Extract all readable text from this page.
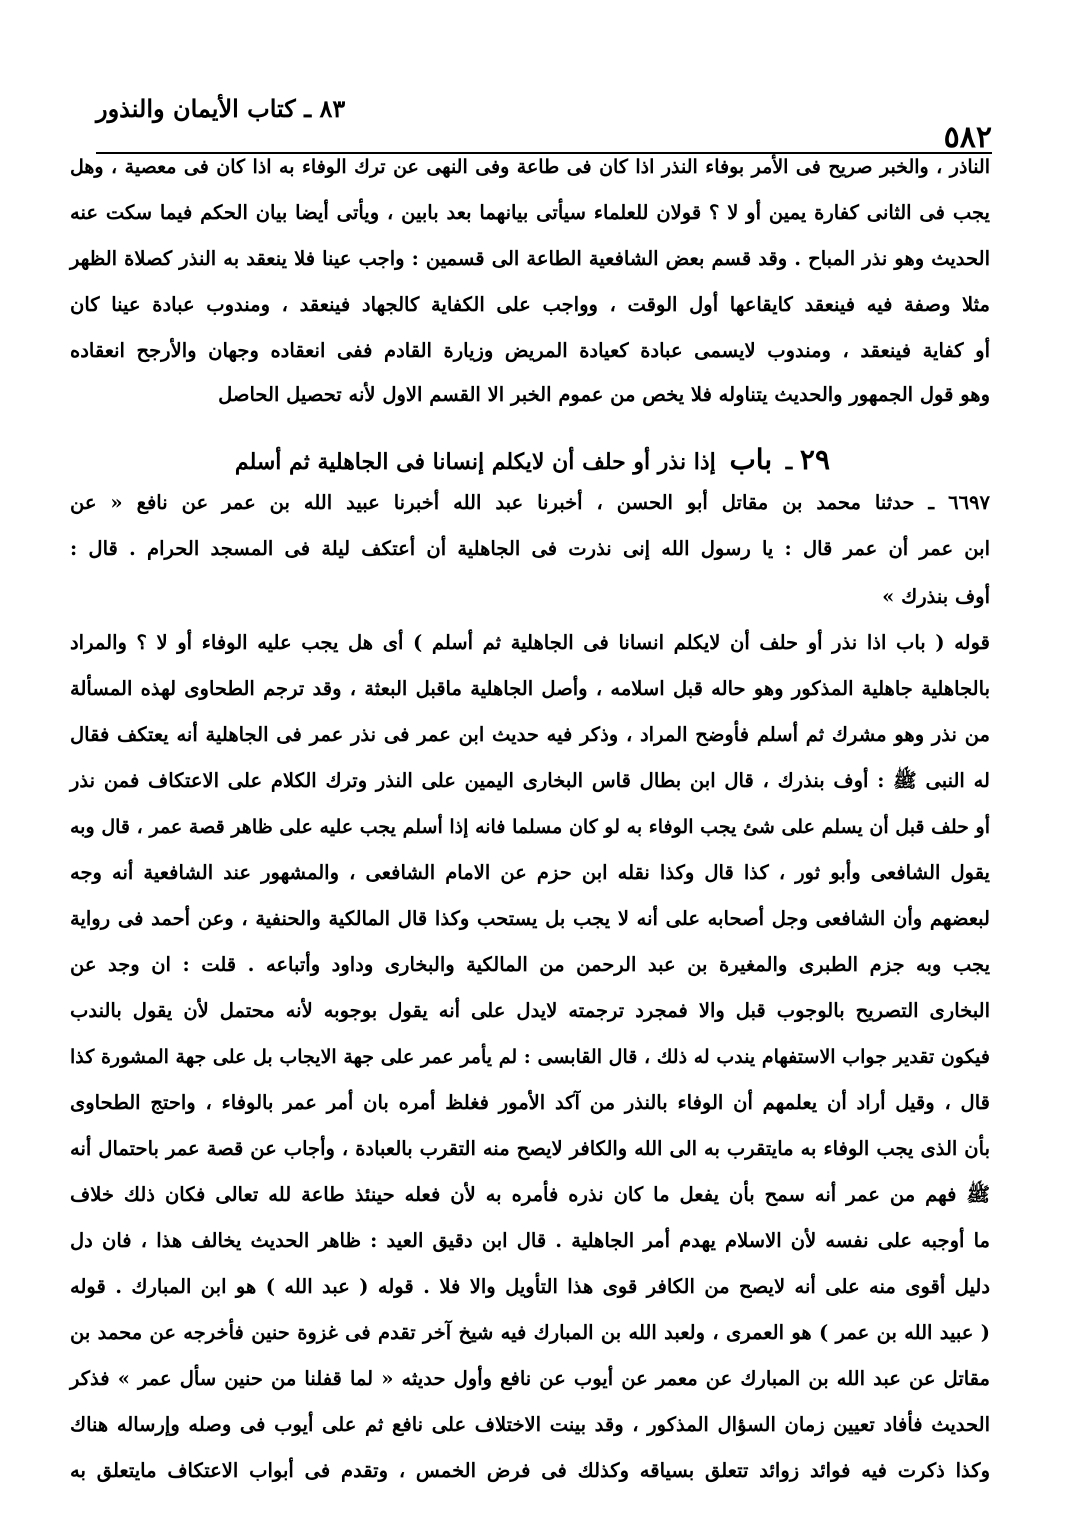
٥٨٢
٨٣ ـ كتاب الأيمان والنذور
الناذر ، والخبر صريح فى الأمر بوفاء النذر اذا كان فى طاعة وفى النهى عن ترك الوفاء به اذا كان فى معصية ، وهل
يجب فى الثانى كفارة يمين أو لا ؟ قولان للعلماء سيأتى بيانهما بعد بابين ، ويأتى أيضا بيان الحكم فيما سكت عنه
الحديث وهو نذر المباح . وقد قسم بعض الشافعية الطاعة الى قسمين : واجب عينا فلا ينعقد به النذر كصلاة الظهر
مثلا وصفة فيه فينعقد كايقاعها أول الوقت ، وواجب على الكفاية كالجهاد فينعقد ، ومندوب عبادة عينا كان
أو كفاية فينعقد ، ومندوب لايسمى عبادة كعيادة المريض وزيارة القادم ففى انعقاده وجهان والأرجح انعقاده
وهو قول الجمهور والحديث يتناوله فلا يخص من عموم الخبر الا القسم الاول لأنه تحصيل الحاصل
٢٩ ـ باب إذا نذر أو حلف أن لايكلم إنسانا فى الجاهلية ثم أسلم
٦٦٩٧ ـ حدثنا محمد بن مقاتل أبو الحسن ، أخبرنا عبد الله أخبرنا عبيد الله بن عمر عن نافع « عن
ابن عمر أن عمر قال : يا رسول الله إنى نذرت فى الجاهلية أن أعتكف ليلة فى المسجد الحرام . قال :
أوف بنذرك »
قوله ( باب اذا نذر أو حلف أن لايكلم انسانا فى الجاهلية ثم أسلم ) أى هل يجب عليه الوفاء أو لا ؟ والمراد
بالجاهلية جاهلية المذكور وهو حاله قبل اسلامه ، وأصل الجاهلية ماقبل البعثة ، وقد ترجم الطحاوى لهذه المسألة
من نذر وهو مشرك ثم أسلم فأوضح المراد ، وذكر فيه حديث ابن عمر فى نذر عمر فى الجاهلية أنه يعتكف فقال
له النبى ﷺ : أوف بنذرك ، قال ابن بطال قاس البخارى اليمين على النذر وترك الكلام على الاعتكاف فمن نذر
أو حلف قبل أن يسلم على شئ يجب الوفاء به لو كان مسلما فانه إذا أسلم يجب عليه على ظاهر قصة عمر ، قال وبه
يقول الشافعى وأبو ثور ، كذا قال وكذا نقله ابن حزم عن الامام الشافعى ، والمشهور عند الشافعية أنه وجه
لبعضهم وأن الشافعى وجل أصحابه على أنه لا يجب بل يستحب وكذا قال المالكية والحنفية ، وعن أحمد فى رواية
يجب وبه جزم الطبرى والمغيرة بن عبد الرحمن من المالكية والبخارى وداود وأتباعه . قلت : ان وجد عن
البخارى التصريح بالوجوب قبل والا فمجرد ترجمته لايدل على أنه يقول بوجوبه لأنه محتمل لأن يقول بالندب
فيكون تقدير جواب الاستفهام يندب له ذلك ، قال القابسى : لم يأمر عمر على جهة الايجاب بل على جهة المشورة كذا
قال ، وقيل أراد أن يعلمهم أن الوفاء بالنذر من آكد الأمور فغلظ أمره بان أمر عمر بالوفاء ، واحتج الطحاوى
بأن الذى يجب الوفاء به مايتقرب به الى الله والكافر لايصح منه التقرب بالعبادة ، وأجاب عن قصة عمر باحتمال أنه
ﷺ فهم من عمر أنه سمح بأن يفعل ما كان نذره فأمره به لأن فعله حينئذ طاعة لله تعالى فكان ذلك خلاف
ما أوجبه على نفسه لأن الاسلام يهدم أمر الجاهلية . قال ابن دقيق العيد : ظاهر الحديث يخالف هذا ، فان دل
دليل أقوى منه على أنه لايصح من الكافر قوى هذا التأويل والا فلا . قوله ( عبد الله ) هو ابن المبارك . قوله
( عبيد الله بن عمر ) هو العمرى ، ولعبد الله بن المبارك فيه شيخ آخر تقدم فى غزوة حنين فأخرجه عن محمد بن
مقاتل عن عبد الله بن المبارك عن معمر عن أيوب عن نافع وأول حديثه « لما قفلنا من حنين سأل عمر » فذكر
الحديث فأفاد تعيين زمان السؤال المذكور ، وقد بينت الاختلاف على نافع ثم على أيوب فى وصله وإرساله هناك
وكذا ذكرت فيه فوائد زوائد تتعلق بسياقه وكذلك فى فرض الخمس ، وتقدم فى أبواب الاعتكاف مايتعلق به
